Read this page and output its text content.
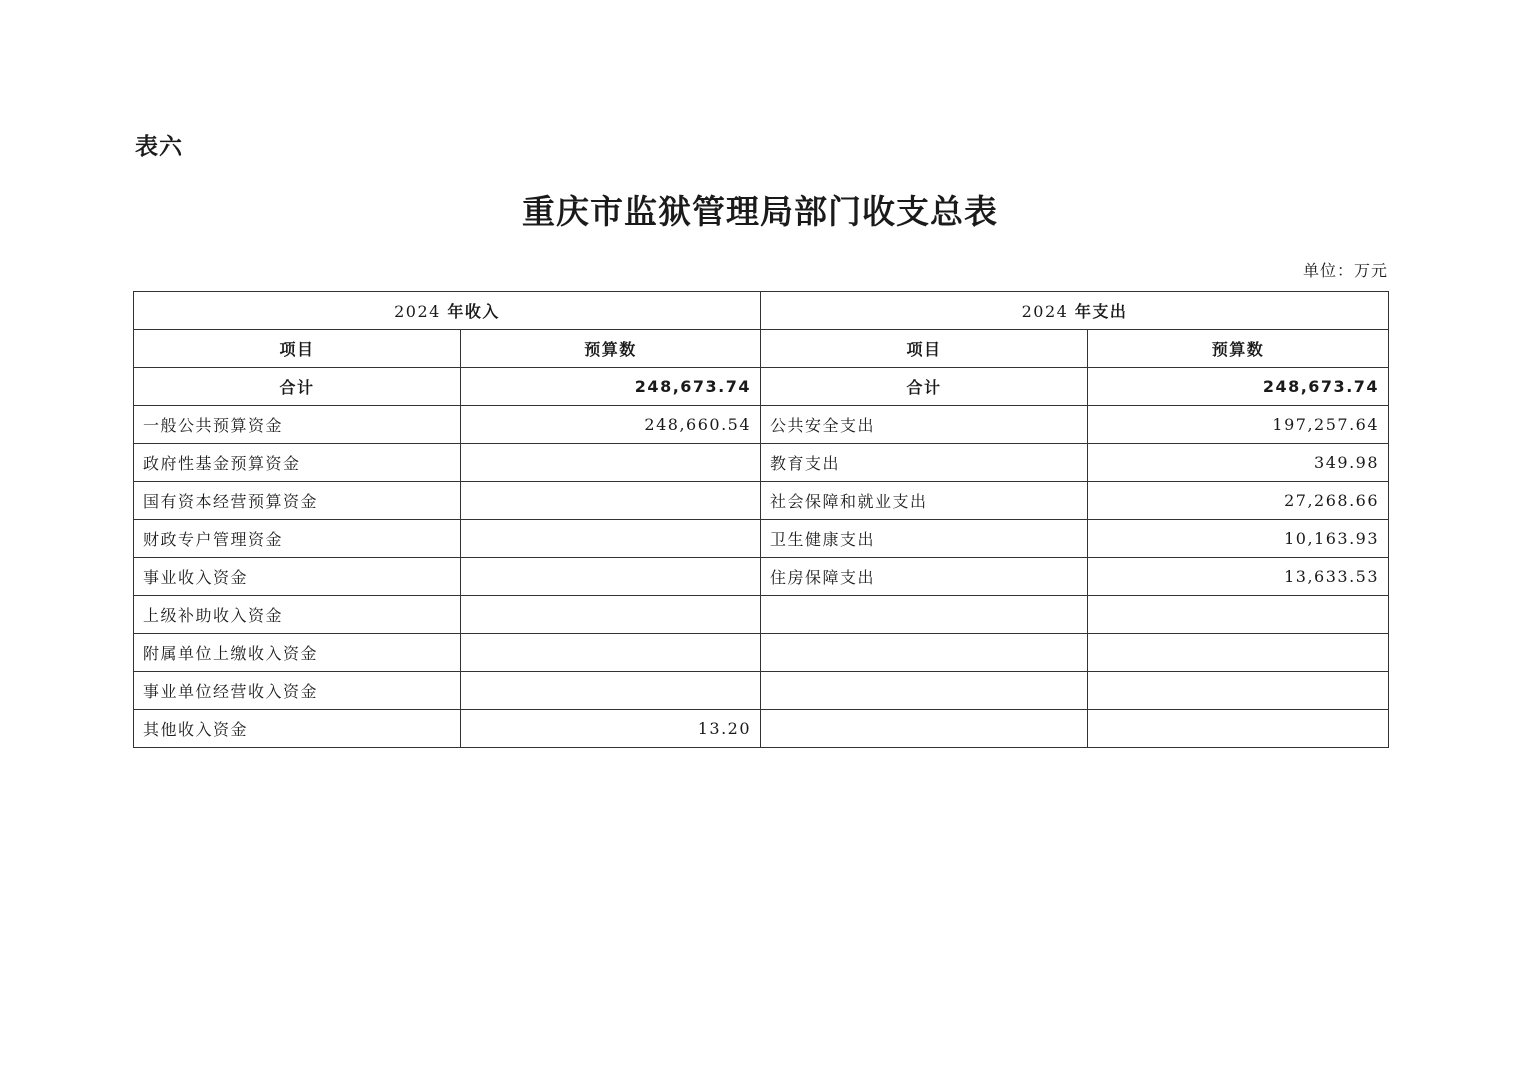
表六
重庆市监狱管理局部门收支总表
单位：万元
2024 年收入		2024 年支出	
项目	预算数	项目	预算数
合计	248,673.74	合计	248,673.74
一般公共预算资金	248,660.54	公共安全支出	197,257.64
政府性基金预算资金		教育支出	349.98
国有资本经营预算资金		社会保障和就业支出	27,268.66
财政专户管理资金		卫生健康支出	10,163.93
事业收入资金		住房保障支出	13,633.53
上级补助收入资金			
附属单位上缴收入资金			
事业单位经营收入资金			
其他收入资金	13.20		
